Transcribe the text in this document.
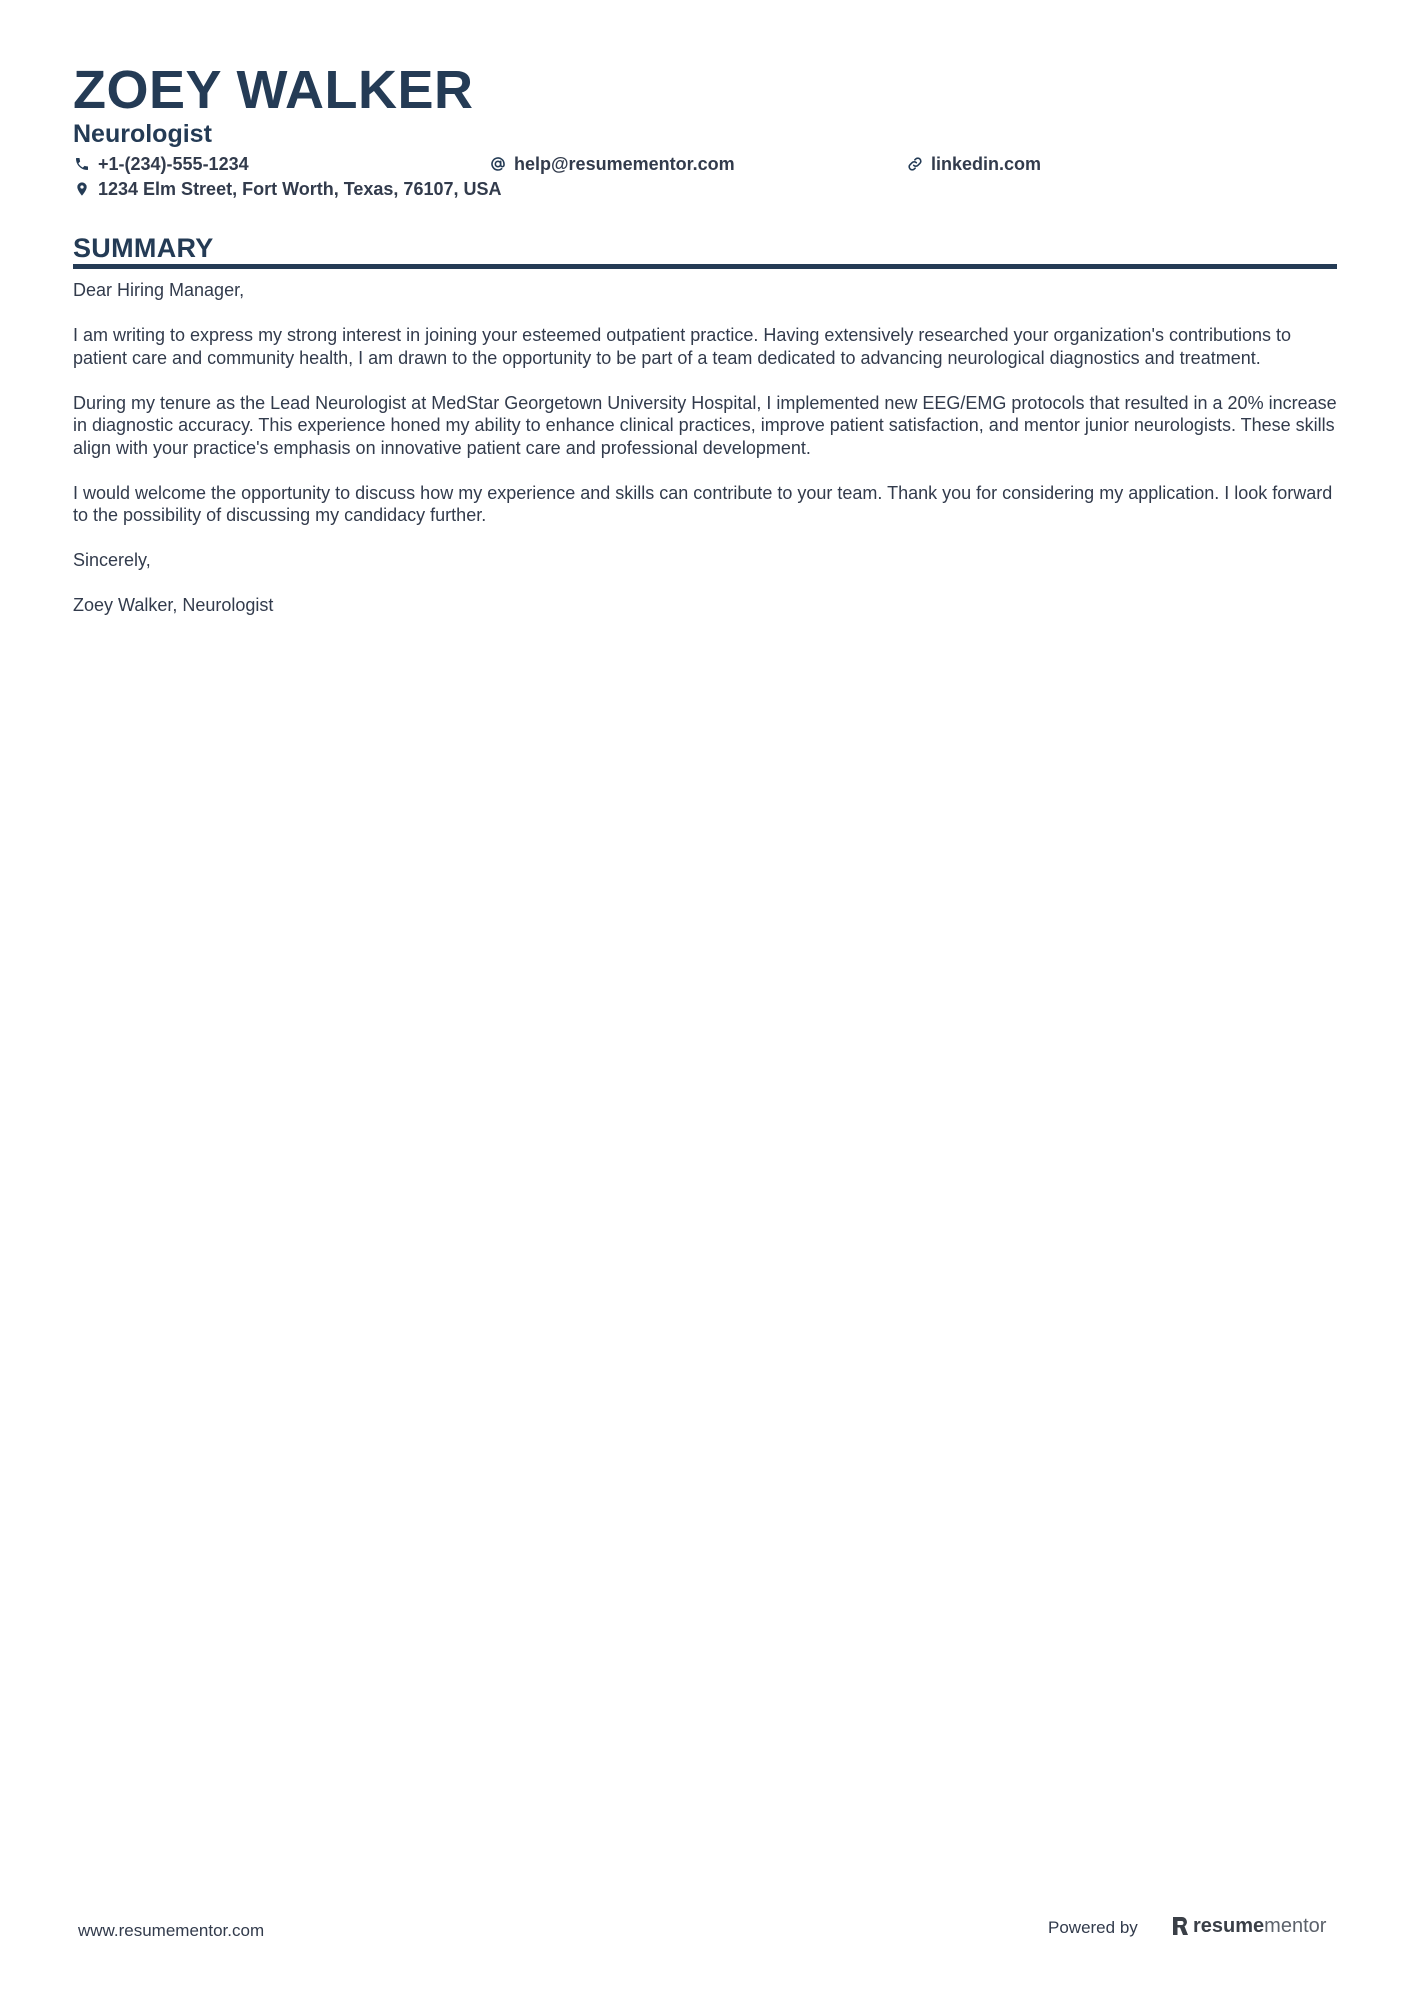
ZOEY WALKER
Neurologist
+1-(234)-555-1234	help@resumementor.com	linkedin.com
1234 Elm Street, Fort Worth, Texas, 76107, USA
SUMMARY

Dear Hiring Manager,

I am writing to express my strong interest in joining your esteemed outpatient practice. Having extensively researched your organization's contributions to patient care and community health, I am drawn to the opportunity to be part of a team dedicated to advancing neurological diagnostics and treatment.

During my tenure as the Lead Neurologist at MedStar Georgetown University Hospital, I implemented new EEG/EMG protocols that resulted in a 20% increase in diagnostic accuracy. This experience honed my ability to enhance clinical practices, improve patient satisfaction, and mentor junior neurologists. These skills align with your practice's emphasis on innovative patient care and professional development.

I would welcome the opportunity to discuss how my experience and skills can contribute to your team. Thank you for considering my application. I look forward to the possibility of discussing my candidacy further.

Sincerely,

Zoey Walker, Neurologist

www.resumementor.com	Powered by	resume mentor
